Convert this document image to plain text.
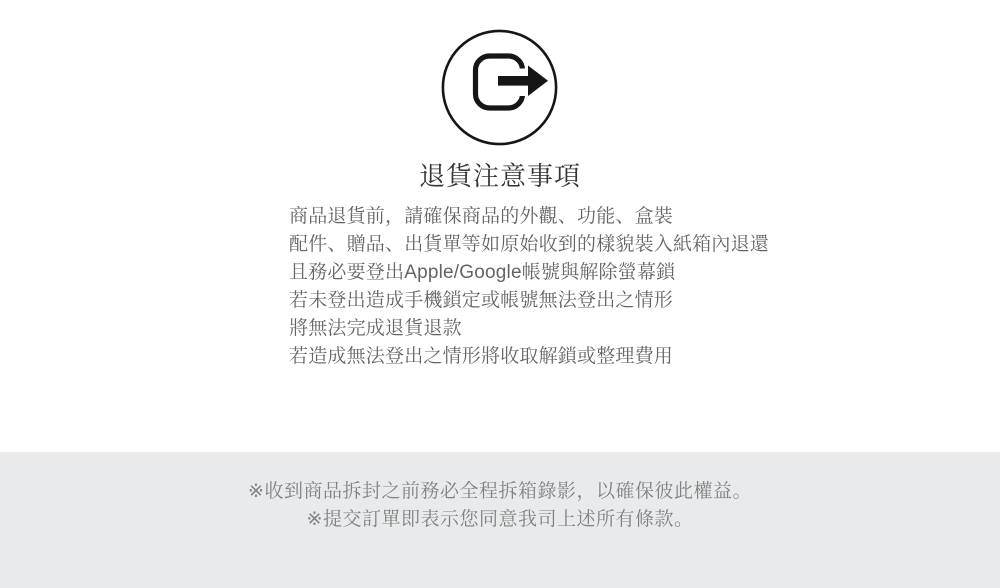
退貨注意事項

商品退貨前，請確保商品的外觀、功能、盒裝

配件、贈品、出貨單等如原始收到的樣貌裝入紙箱內退還

且務必要登出Apple/Google帳號與解除螢幕鎖

若未登出造成手機鎖定或帳號無法登出之情形

將無法完成退貨退款

若造成無法登出之情形將收取解鎖或整理費用

※收到商品拆封之前務必全程拆箱錄影，以確保彼此權益。

※提交訂單即表示您同意我司上述所有條款。
